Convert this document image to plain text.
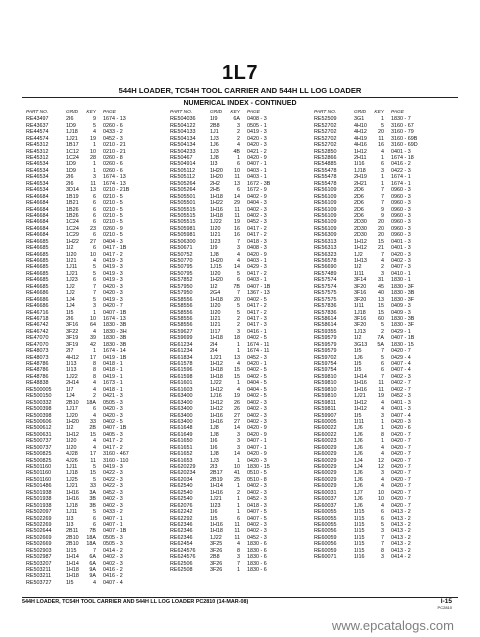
1L7
544H LOADER, TC54H TOOL CARRIER AND 544H LL LOG LOADER
NUMERICAL INDEX - CONTINUED
PART NO.	GRID	KEY	PAGE
RE43497	2I6	9	1674 - 13
RE43637	1D9	5	0260 - 6
RE44574	1J18	4	0433 - 2
RE44574	1J21	19	0452 - 3
RE45312	1B17	1	0210 - 21
RE45312	1C12	10	0210 - 21
RE45312	1C24	28	0260 - 8
RE46534	1D9	1	0260 - 6
RE46534	1D9	1	0260 - 6
RE46534	2I6	3	1674 - 13
RE46534	2I6	11	1674 - 13
RE46534	3D14	13	0210 - 21B
RE46684	1B19	6	0210 - 5
RE46684	1B21	6	0210 - 5
RE46684	1B26	6	0210 - 5
RE46684	1B26	6	0210 - 5
RE46684	1C24	6	0210 - 5
RE46684	1C24	23	0260 - 9
RE46684	1C29	6	0210 - 5
RE46685	1H22	27	0404 - 3
RE46685	1I2	6	0417 - 1B
RE46685	1I20	10	0417 - 2
RE46685	1I21	4	0419 - 3
RE46685	1J11	5	0419 - 3
RE46685	1J21	5	0419 - 3
RE46685	1J23	6	0419 - 3
RE46685	1J2	7	0420 - 3
RE46686	1J2	7	0420 - 3
RE46686	1J4	5	0419 - 3
RE46686	1J4	3	0420 - 7
RE46716	1I5	1	0407 - 1B
RE46718	2I6	10	1674 - 13
RE46742	3F16	64	1830 - 3B
RE46742	3F22	4	1830 - 3H
RE47070	3F19	39	1830 - 3B
RE47070	3F19	42	1830 - 3B
RE48073	2I7	1	1674 - 14
RE48073	4H12	17	0419 - 1B
RE48786	1I13	8	0418 - 1
RE48786	1I13	8	0418 - 1
RE48786	1J22	8	0419 - 1
RE48838	2H14	4	1673 - 1
RE500005	1I7	4	0418 - 1
RE500150	1J4	2	0421 - 3
RE500332	2B10	18A	0505 - 3
RE500398	1J17	6	0420 - 3
RE500398	1J20	4	0420 - 3
RE500606	1H20	33	0402 - 5
RE500612	1I2	2B	0407 - 1B
RE500631	1H12	15	0405 - 3
RE500737	1I20	4	0417 - 2
RE500737	1I20	4	0417 - 2
RE500825	4J28	17	3160 - 467
RE500825	4J26	11	3160 - 110
RE501160	1J11	5	0419 - 3
RE501160	1J18	15	0422 - 3
RE501160	1J25	5	0422 - 3
RE501486	1J21	33	0422 - 3
RE501938	1H16	3A	0452 - 3
RE501938	1H16	3B	0402 - 3
RE501938	1J18	3B	0402 - 3
RE502097	1J11	5	0433 - 2
RE502269	1I3	6	0407 - 1
RE502269	1I3	6	0407 - 1
RE502644	2B11	7B	0407 - 1B
RE502669	2B10	18A	0505 - 3
RE502669	2B10	18A	0505 - 3
RE502903	1I15	7	0414 - 2
RE502987	1H14	6A	0402 - 3
RE503207	1H14	6A	0402 - 3
RE503211	1H18	9A	0416 - 2
RE503211	1H18	9A	0416 - 2
RE503727	1I5	4	0407 - 4
PART NO.	GRID	KEY	PAGE
RE504036	1I9	6A	0408 - 3
RE504122	2B8	3	0505 - 1
RE504133	1J1	2	0419 - 3
RE504134	1J3	2	0420 - 3
RE504134	1J6	4	0420 - 3
RE504233	1J3	4B	0421 - 2
RE50467	1J8	1	0420 - 9
RE504914	1I3	6	0407 - 1
RE505112	1H20	10	0403 - 1
RE505112	1H20	11	0403 - 1
RE505264	2H2	13	1672 - 3B
RE505264	2H5	6	1672 - 9
RE505501	1H18	14	0402 - 9
RE505501	1H22	29	0404 - 3
RE505515	1H16	11	0402 - 3
RE505515	1H18	11	0402 - 3
RE505515	1J22	19	0452 - 3
RE505981	1I20	16	0417 - 2
RE505981	1I21	16	0417 - 2
RE506300	1I23	7	0418 - 3
RE50671	1I9	3	0408 - 3
RE50752	1J8	4	0420 - 9
RE50770	1H20	4	0403 - 1
RE50795	1J15	14	0429 - 3
RE50795	1I20	5	0417 - 2
RE57852	1H20	6	0403 - 1
RE57950	1I2	7B	0407 - 1B
RE57950	2G4	7	1367 - 13
RE58556	1H18	20	0402 - 5
RE58556	1I20	5	0417 - 2
RE58556	1I20	5	0417 - 2
RE58556	1I21	2	0417 - 3
RE58556	1I21	2	0417 - 3
RE59627	1I17	3	0416 - 1
RE59699	1H18	18	0402 - 5
RE61234	2I4	1	1674 - 11
RE61234	2I4	1	1674 - 11
RE61834	1J21	13	0452 - 3
RE61578	1H12	4	0420 - 1
RE61596	1H18	15	0402 - 5
RE61598	1H18	15	0402 - 5
RE61601	1J22	1	0404 - 5
RE61603	1H12	4	0404 - 5
RE63400	1J16	19	0402 - 5
RE63400	1H12	26	0402 - 3
RE63400	1H12	26	0402 - 3
RE63400	1H16	27	0402 - 3
RE63400	1H16	27	0402 - 3
RE61648	1J8	14	0420 - 9
RE61649	1J8	3	0420 - 9
RE61650	1I6	3	0407 - 1
RE61651	1I6	3	0407 - 1
RE61652	1J8	14	0420 - 9
RE61653	1J3	1	0420 - 3
RE620229	2I3	10	1830 - 15
RE620234	2B17	41	0510 - 5
RE62034	2B19	25	0510 - 8
RE62540	1H14	1	0402 - 3
RE62540	1H16	2	0402 - 3
RE62540	1J21	1	0452 - 3
RE62076	1I23	1	0418 - 3
RE62242	1I6	1	0407 - 5
RE62292	1I5	6	0407 - 5
RE62346	1H16	11	0402 - 3
RE62346	1H18	11	0402 - 3
RE62346	1J22	11	0452 - 3
RE62454	3F25	4	1830 - 6
RE624576	3F26	8	1830 - 6
RE624576	2B8	3	1830 - 6
RE62506	3F26	7	1830 - 6
RE62508	3F26	1	1830 - 6
PART NO.	GRID	KEY	PAGE
RE52509	3G1	1	1830 - 7
RE52702	4H10	5	3160 - 67
RE52702	4H12	20	3160 - 79
RE52702	4H19	11	3160 - 69B
RE52702	4H16	16	3160 - 69D
RE52850	1H12	4	0401 - 3
RE52866	2H11	1	1674 - 18
RE54885	1I16	6	0416 - 2
RE55478	1J18	3	0422 - 3
RE55478	2H19	1	1674 - 1
RE55478	2H21	1	1674 - 1
RE56109	2D6	7	0960 - 3
RE56109	2D6	7	0960 - 3
RE56109	2D6	7	0960 - 3
RE56109	2D6	9	0960 - 3
RE56109	2D6	9	0960 - 3
RE56109	2D30	20	0960 - 3
RE56109	2D30	20	0960 - 3
RE56309	2D30	20	0960 - 3
RE56313	1H12	15	0401 - 3
RE56313	1H12	21	0401 - 3
RE56323	1J2	7	0420 - 3
RE56578	1H13	4	0402 - 3
RE56690	1I2	2	0407 - 3
RE57489	1I11	3	0410 - 1
RE57574	3F14	31	1830 - 1
RE57574	3F20	45	1830 - 3F
RE57575	3F16	40	1830 - 3B
RE57575	3F20	13	1830 - 3F
RE57836	1I11	15	0409 - 3
RE57836	1J18	15	0409 - 3
RE58614	3F16	60	1830 - 3B
RE58614	3F20	5	1830 - 3F
RE59355	1J13	2	0429 - 1
RE59579	1I2	7A	0407 - 1B
RE59579	3G13	5A	1830 - 15
RE59579	1I5	7	0420 - 7
RE59702	1J6	5	0429 - 4
RE59754	1I5	6	0407 - 4
RE59754	1I5	6	0407 - 4
RE59810	1H14	7	0402 - 3
RE59810	1H16	11	0402 - 7
RE59810	1H16	11	0402 - 7
RE59810	1J21	19	0452 - 3
RE59811	1H12	4	0401 - 3
RE59811	1H12	4	0401 - 3
RE59907	1I5	3	0407 - 4
RE60005	1I11	1	0420 - 3
RE60022	1J6	1	0420 - 6
RE60022	1J6	8	0420 - 7
RE60023	1J6	1	0420 - 7
RE60029	1J6	4	0420 - 7
RE60029	1J6	4	0420 - 7
RE60029	1J4	12	0420 - 7
RE60029	1J4	12	0420 - 7
RE60029	1J6	3	0420 - 7
RE60029	1J6	4	0420 - 7
RE60029	1J6	4	0420 - 7
RE60031	1J7	10	0420 - 7
RE60037	1J6	10	0420 - 7
RE60037	1J6	4	0420 - 7
RE60055	1I15	6	0413 - 2
RE60055	1I15	6	0413 - 2
RE60055	1I15	5	0413 - 2
RE60056	1I15	3	0413 - 2
RE60059	1I15	7	0413 - 2
RE60056	1I15	7	0413 - 2
RE60059	1I15	8	0413 - 2
RE60071	1I16	3	0414 - 2
544H LOADER, TC54H TOOL CARRIER AND 544H LL LOG LOADER PC2810 (14-MAR-08)	I-15
PC2810
www.epcatalogs.com
